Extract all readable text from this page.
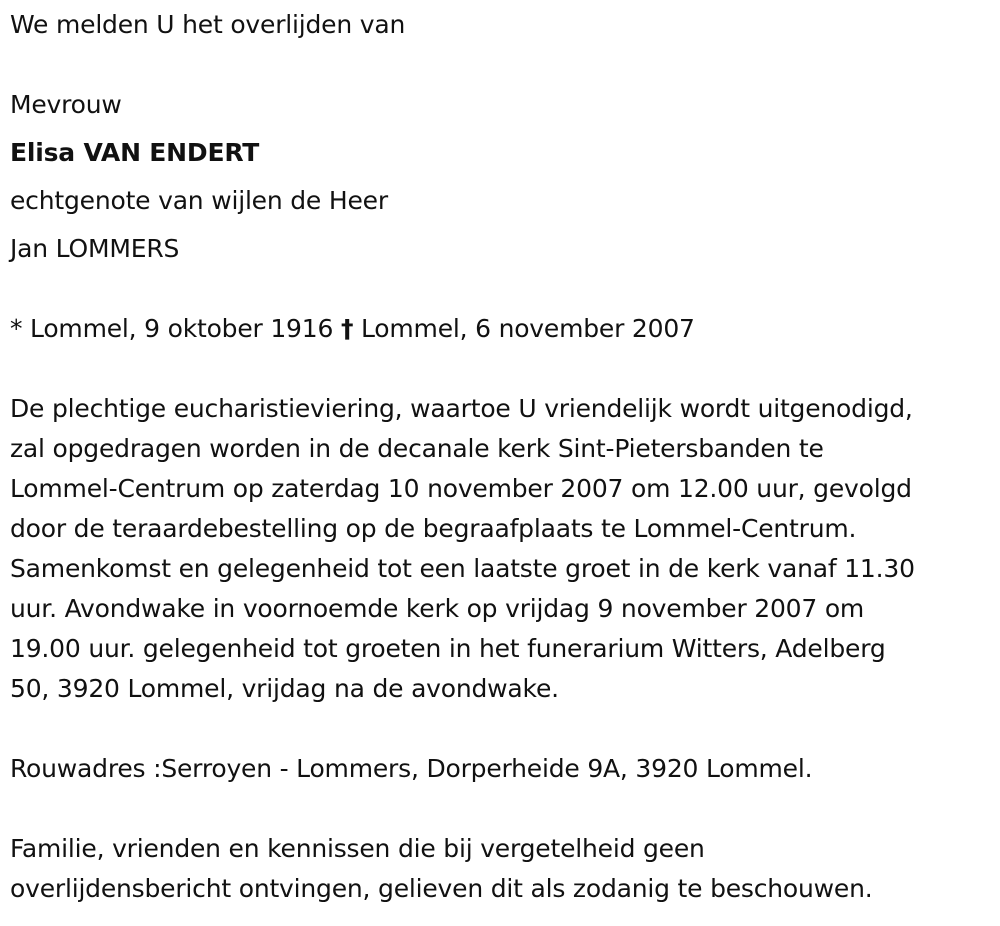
We melden U het overlijden van
Mevrouw
Elisa VAN ENDERT
echtgenote van wijlen de Heer
Jan LOMMERS
* Lommel, 9 oktober 1916 † Lommel, 6 november 2007
De plechtige eucharistieviering, waartoe U vriendelijk wordt uitgenodigd,
zal opgedragen worden in de decanale kerk Sint-Pietersbanden te
Lommel-Centrum op zaterdag 10 november 2007 om 12.00 uur, gevolgd
door de teraardebestelling op de begraafplaats te Lommel-Centrum.
Samenkomst en gelegenheid tot een laatste groet in de kerk vanaf 11.30
uur. Avondwake in voornoemde kerk op vrijdag 9 november 2007 om
19.00 uur. gelegenheid tot groeten in het funerarium Witters, Adelberg
50, 3920 Lommel, vrijdag na de avondwake.
Rouwadres :Serroyen - Lommers, Dorperheide 9A, 3920 Lommel.
Familie, vrienden en kennissen die bij vergetelheid geen
overlijdensbericht ontvingen, gelieven dit als zodanig te beschouwen.
